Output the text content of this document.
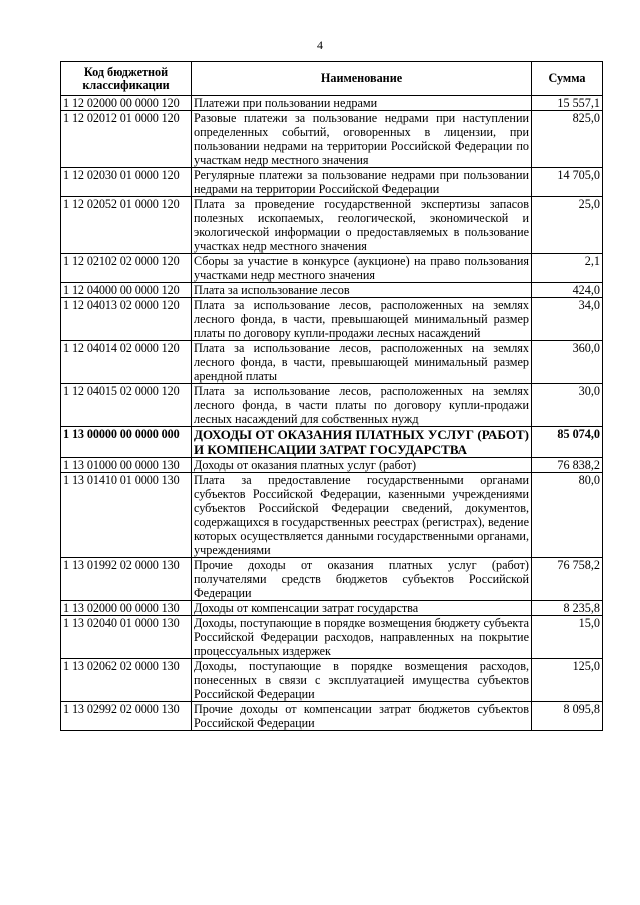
4
Код бюджетной классификации	Наименование	Сумма
1 12 02000 00 0000 120	Платежи при пользовании недрами	15 557,1
1 12 02012 01 0000 120	Разовые платежи за пользование недрами при наступлении определенных событий, оговоренных в лицензии, при пользовании недрами на территории Российской Федерации по участкам недр местного значения	825,0
1 12 02030 01 0000 120	Регулярные платежи за пользование недрами при пользовании недрами на территории Российской Федерации	14 705,0
1 12 02052 01 0000 120	Плата за проведение государственной экспертизы запасов полезных ископаемых, геологической, экономической и экологической информации о предоставляемых в пользование участках недр местного значения	25,0
1 12 02102 02 0000 120	Сборы за участие в конкурсе (аукционе) на право пользования участками недр местного значения	2,1
1 12 04000 00 0000 120	Плата за использование лесов	424,0
1 12 04013 02 0000 120	Плата за использование лесов, расположенных на землях лесного фонда, в части, превышающей минимальный размер платы по договору купли-продажи лесных насаждений	34,0
1 12 04014 02 0000 120	Плата за использование лесов, расположенных на землях лесного фонда, в части, превышающей минимальный размер арендной платы	360,0
1 12 04015 02 0000 120	Плата за использование лесов, расположенных на землях лесного фонда, в части платы по договору купли-продажи лесных насаждений для собственных нужд	30,0
1 13 00000 00 0000 000	ДОХОДЫ ОТ ОКАЗАНИЯ ПЛАТНЫХ УСЛУГ (РАБОТ) И КОМПЕНСАЦИИ ЗАТРАТ ГОСУДАРСТВА	85 074,0
1 13 01000 00 0000 130	Доходы от оказания платных услуг (работ)	76 838,2
1 13 01410 01 0000 130	Плата за предоставление государственными органами субъектов Российской Федерации, казенными учреждениями субъектов Российской Федерации сведений, документов, содержащихся в государственных реестрах (регистрах), ведение которых осуществляется данными государственными органами, учреждениями	80,0
1 13 01992 02 0000 130	Прочие доходы от оказания платных услуг (работ) получателями средств бюджетов субъектов Российской Федерации	76 758,2
1 13 02000 00 0000 130	Доходы от компенсации затрат государства	8 235,8
1 13 02040 01 0000 130	Доходы, поступающие в порядке возмещения бюджету субъекта Российской Федерации расходов, направленных на покрытие процессуальных издержек	15,0
1 13 02062 02 0000 130	Доходы, поступающие в порядке возмещения расходов, понесенных в связи с эксплуатацией имущества субъектов Российской Федерации	125,0
1 13 02992 02 0000 130	Прочие доходы от компенсации затрат бюджетов субъектов Российской Федерации	8 095,8
